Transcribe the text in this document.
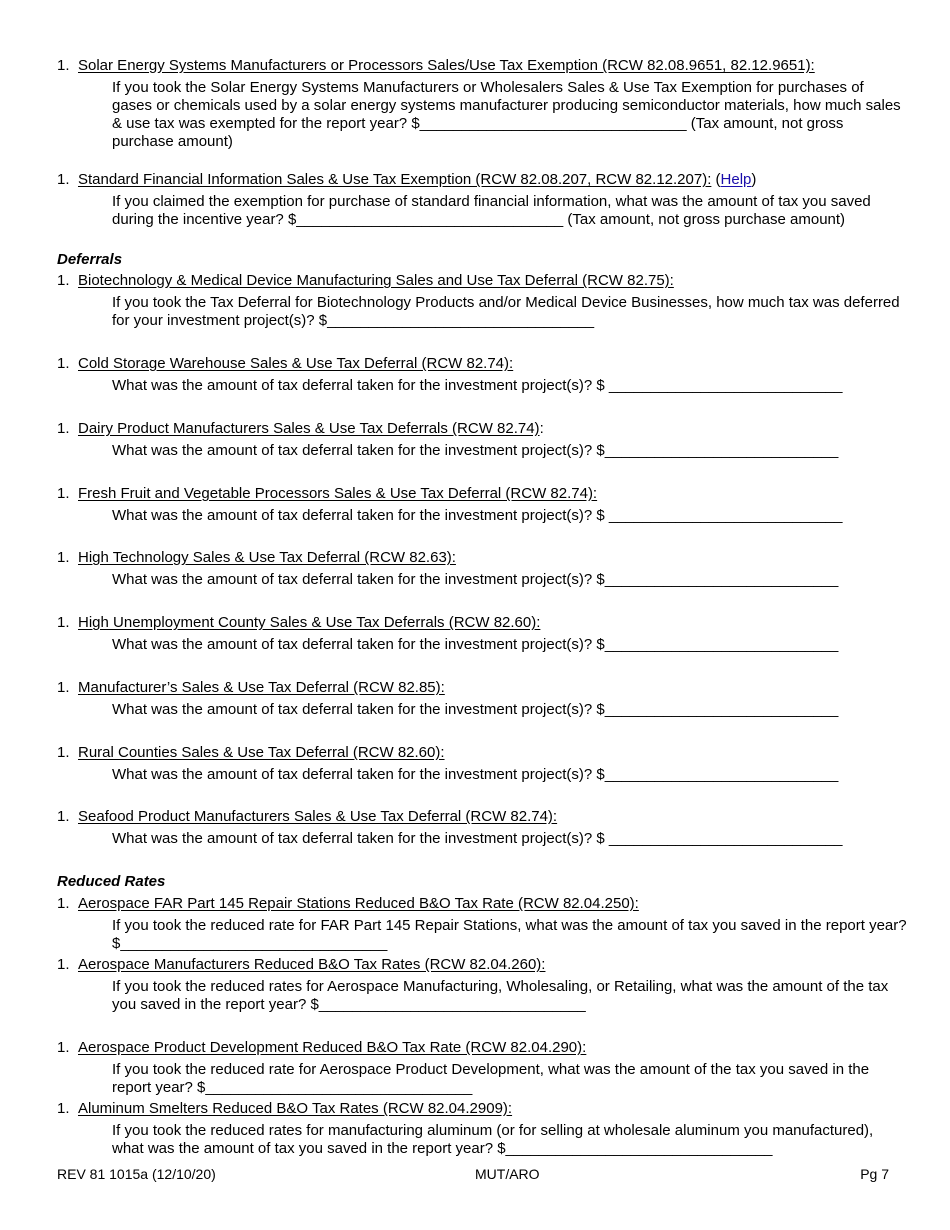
1. Solar Energy Systems Manufacturers or Processors Sales/Use Tax Exemption (RCW 82.08.9651, 82.12.9651):

If you took the Solar Energy Systems Manufacturers or Wholesalers Sales & Use Tax Exemption for purchases of gases or chemicals used by a solar energy systems manufacturer producing semiconductor materials, how much sales & use tax was exempted for the report year? $________________________________ (Tax amount, not gross purchase amount)

1. Standard Financial Information Sales & Use Tax Exemption (RCW 82.08.207, RCW 82.12.207): (Help)

If you claimed the exemption for purchase of standard financial information, what was the amount of tax you saved during the incentive year? $________________________________ (Tax amount, not gross purchase amount)

Deferrals
1. Biotechnology & Medical Device Manufacturing Sales and Use Tax Deferral (RCW 82.75):

If you took the Tax Deferral for Biotechnology Products and/or Medical Device Businesses, how much tax was deferred for your investment project(s)? $________________________________

1. Cold Storage Warehouse Sales & Use Tax Deferral (RCW 82.74):

What was the amount of tax deferral taken for the investment project(s)? $ ____________________________

1. Dairy Product Manufacturers Sales & Use Tax Deferrals (RCW 82.74):

What was the amount of tax deferral taken for the investment project(s)? $____________________________

1. Fresh Fruit and Vegetable Processors Sales & Use Tax Deferral (RCW 82.74):

What was the amount of tax deferral taken for the investment project(s)? $ ____________________________

1. High Technology Sales & Use Tax Deferral (RCW 82.63):

What was the amount of tax deferral taken for the investment project(s)? $____________________________

1. High Unemployment County Sales & Use Tax Deferrals (RCW 82.60):

What was the amount of tax deferral taken for the investment project(s)? $____________________________

1. Manufacturer’s Sales & Use Tax Deferral (RCW 82.85):

What was the amount of tax deferral taken for the investment project(s)? $____________________________

1. Rural Counties Sales & Use Tax Deferral (RCW 82.60):

What was the amount of tax deferral taken for the investment project(s)? $____________________________

1. Seafood Product Manufacturers Sales & Use Tax Deferral (RCW 82.74):

What was the amount of tax deferral taken for the investment project(s)? $ ____________________________

Reduced Rates
1. Aerospace FAR Part 145 Repair Stations Reduced B&O Tax Rate (RCW 82.04.250):

If you took the reduced rate for FAR Part 145 Repair Stations, what was the amount of tax you saved in the report year? $________________________________

1. Aerospace Manufacturers Reduced B&O Tax Rates (RCW 82.04.260):

If you took the reduced rates for Aerospace Manufacturing, Wholesaling, or Retailing, what was the amount of the tax you saved in the report year? $________________________________

1. Aerospace Product Development Reduced B&O Tax Rate (RCW 82.04.290):

If you took the reduced rate for Aerospace Product Development, what was the amount of the tax you saved in the report year? $________________________________

1. Aluminum Smelters Reduced B&O Tax Rates (RCW 82.04.2909):

If you took the reduced rates for manufacturing aluminum (or for selling at wholesale aluminum you manufactured), what was the amount of tax you saved in the report year? $________________________________

REV 81 1015a (12/10/20)	MUT/ARO	Pg 7
